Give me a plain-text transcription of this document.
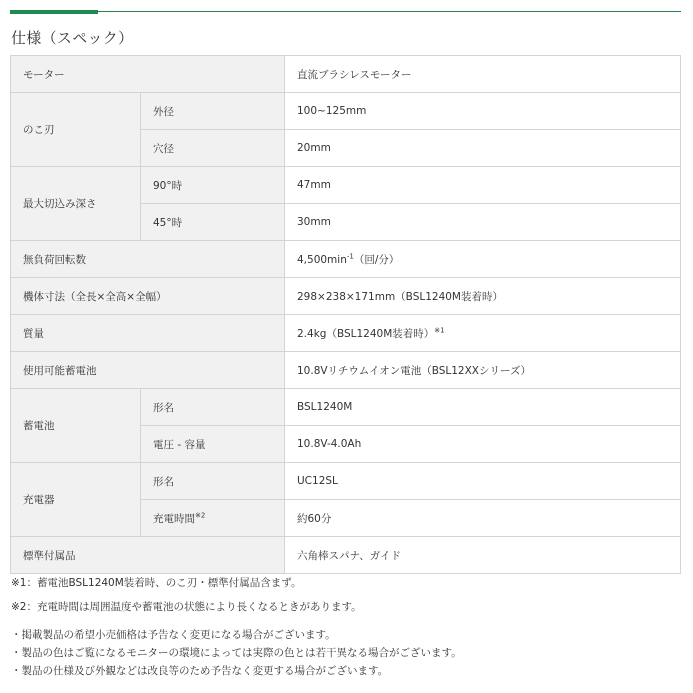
仕様（スペック）
モーター		直流ブラシレスモーター
のこ刃	外径	100~125mm
	穴径	20mm
最大切込み深さ	90°時	47mm
	45°時	30mm
無負荷回転数		$4,500\min^{-1}$（回/分）
機体寸法（全長×全高×全幅）		298×238×171mm（BSL1240M装着時）
質量		2.4kg（BSL1240M装着時）$^{※1}$
使用可能蓄電池		10.8Vリチウムイオン電池（BSL12XXシリーズ）
蓄電池	形名	BSL1240M
	電圧 - 容量	10.8V-4.0Ah
充電器	形名	UC12SL
	充電時間$^{※2}$	約60分
標準付属品		六角棒スパナ、ガイド
※1：蓄電池BSL1240M装着時、のこ刃・標準付属品含まず。
※2：充電時間は周囲温度や蓄電池の状態により長くなるときがあります。
・掲載製品の希望小売価格は予告なく変更になる場合がございます。
・製品の色はご覧になるモニターの環境によっては実際の色とは若干異なる場合がございます。
・製品の仕様及び外観などは改良等のため予告なく変更する場合がございます。
